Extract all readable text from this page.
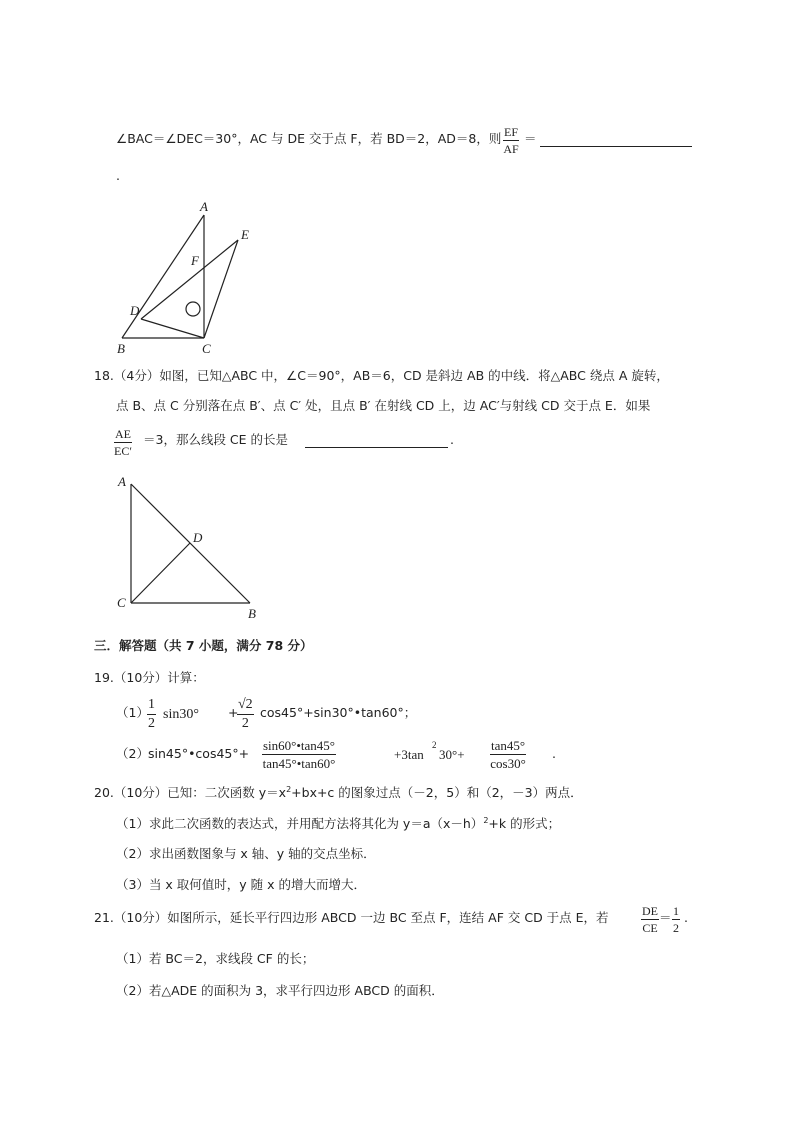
∠BAC＝∠DEC＝30°，AC 与 DE 交于点 F，若 BD＝2，AD＝8，则 $\frac{EF}{AF}$ ＝
.
A
E
F
D
B	C
18.（4分）如图，已知△ABC 中，∠C＝90°，AB＝6，CD 是斜边 AB 的中线．将△ABC 绕点 A 旋转，
点 B、点 C 分别落在点 B′、点 C′ 处，且点 B′ 在射线 CD 上，边 AC′与射线 CD 交于点 E．如果
$\frac{AE}{EC'} =3$，那么线段 CE 的长是	.
A
D
C
B
三．解答题（共 7 小题，满分 78 分）
19.（10分）计算：
（1）
$\frac{1}{2} \sin 30^\circ$ +
$\frac{√2}{2}$ cos45°+sin30°•tan60°；
（2） sin45°•cos45°+ $\frac{\sin 60^\circ•\tan 45^\circ}{\tan 45^\circ•\tan 60^\circ}$	+3tan
2
$30^\circ+ \frac{\tan 45^\circ}{\cos 30^\circ}$ .
20.（10分）已知：二次函数 $y=x^2+bx+c$ 的图象过点（－2，5）和（2，－3）两点．
（1）求此二次函数的表达式，并用配方法将其化为 $y=a(x-h)^2+k$ 的形式；
（2）求出函数图象与 x 轴、y 轴的交点坐标．
（3）当 x 取何值时，y 随 x 的增大而增大．
21.（10分）如图所示，延长平行四边形 ABCD 一边 BC 至点 F，连结 AF 交 CD 于点 E，若	$\frac{DE}{CE} = \frac{1}{2}$ .
（1）若 BC＝2，求线段 CF 的长；
（2）若△ADE 的面积为 3，求平行四边形 ABCD 的面积．
